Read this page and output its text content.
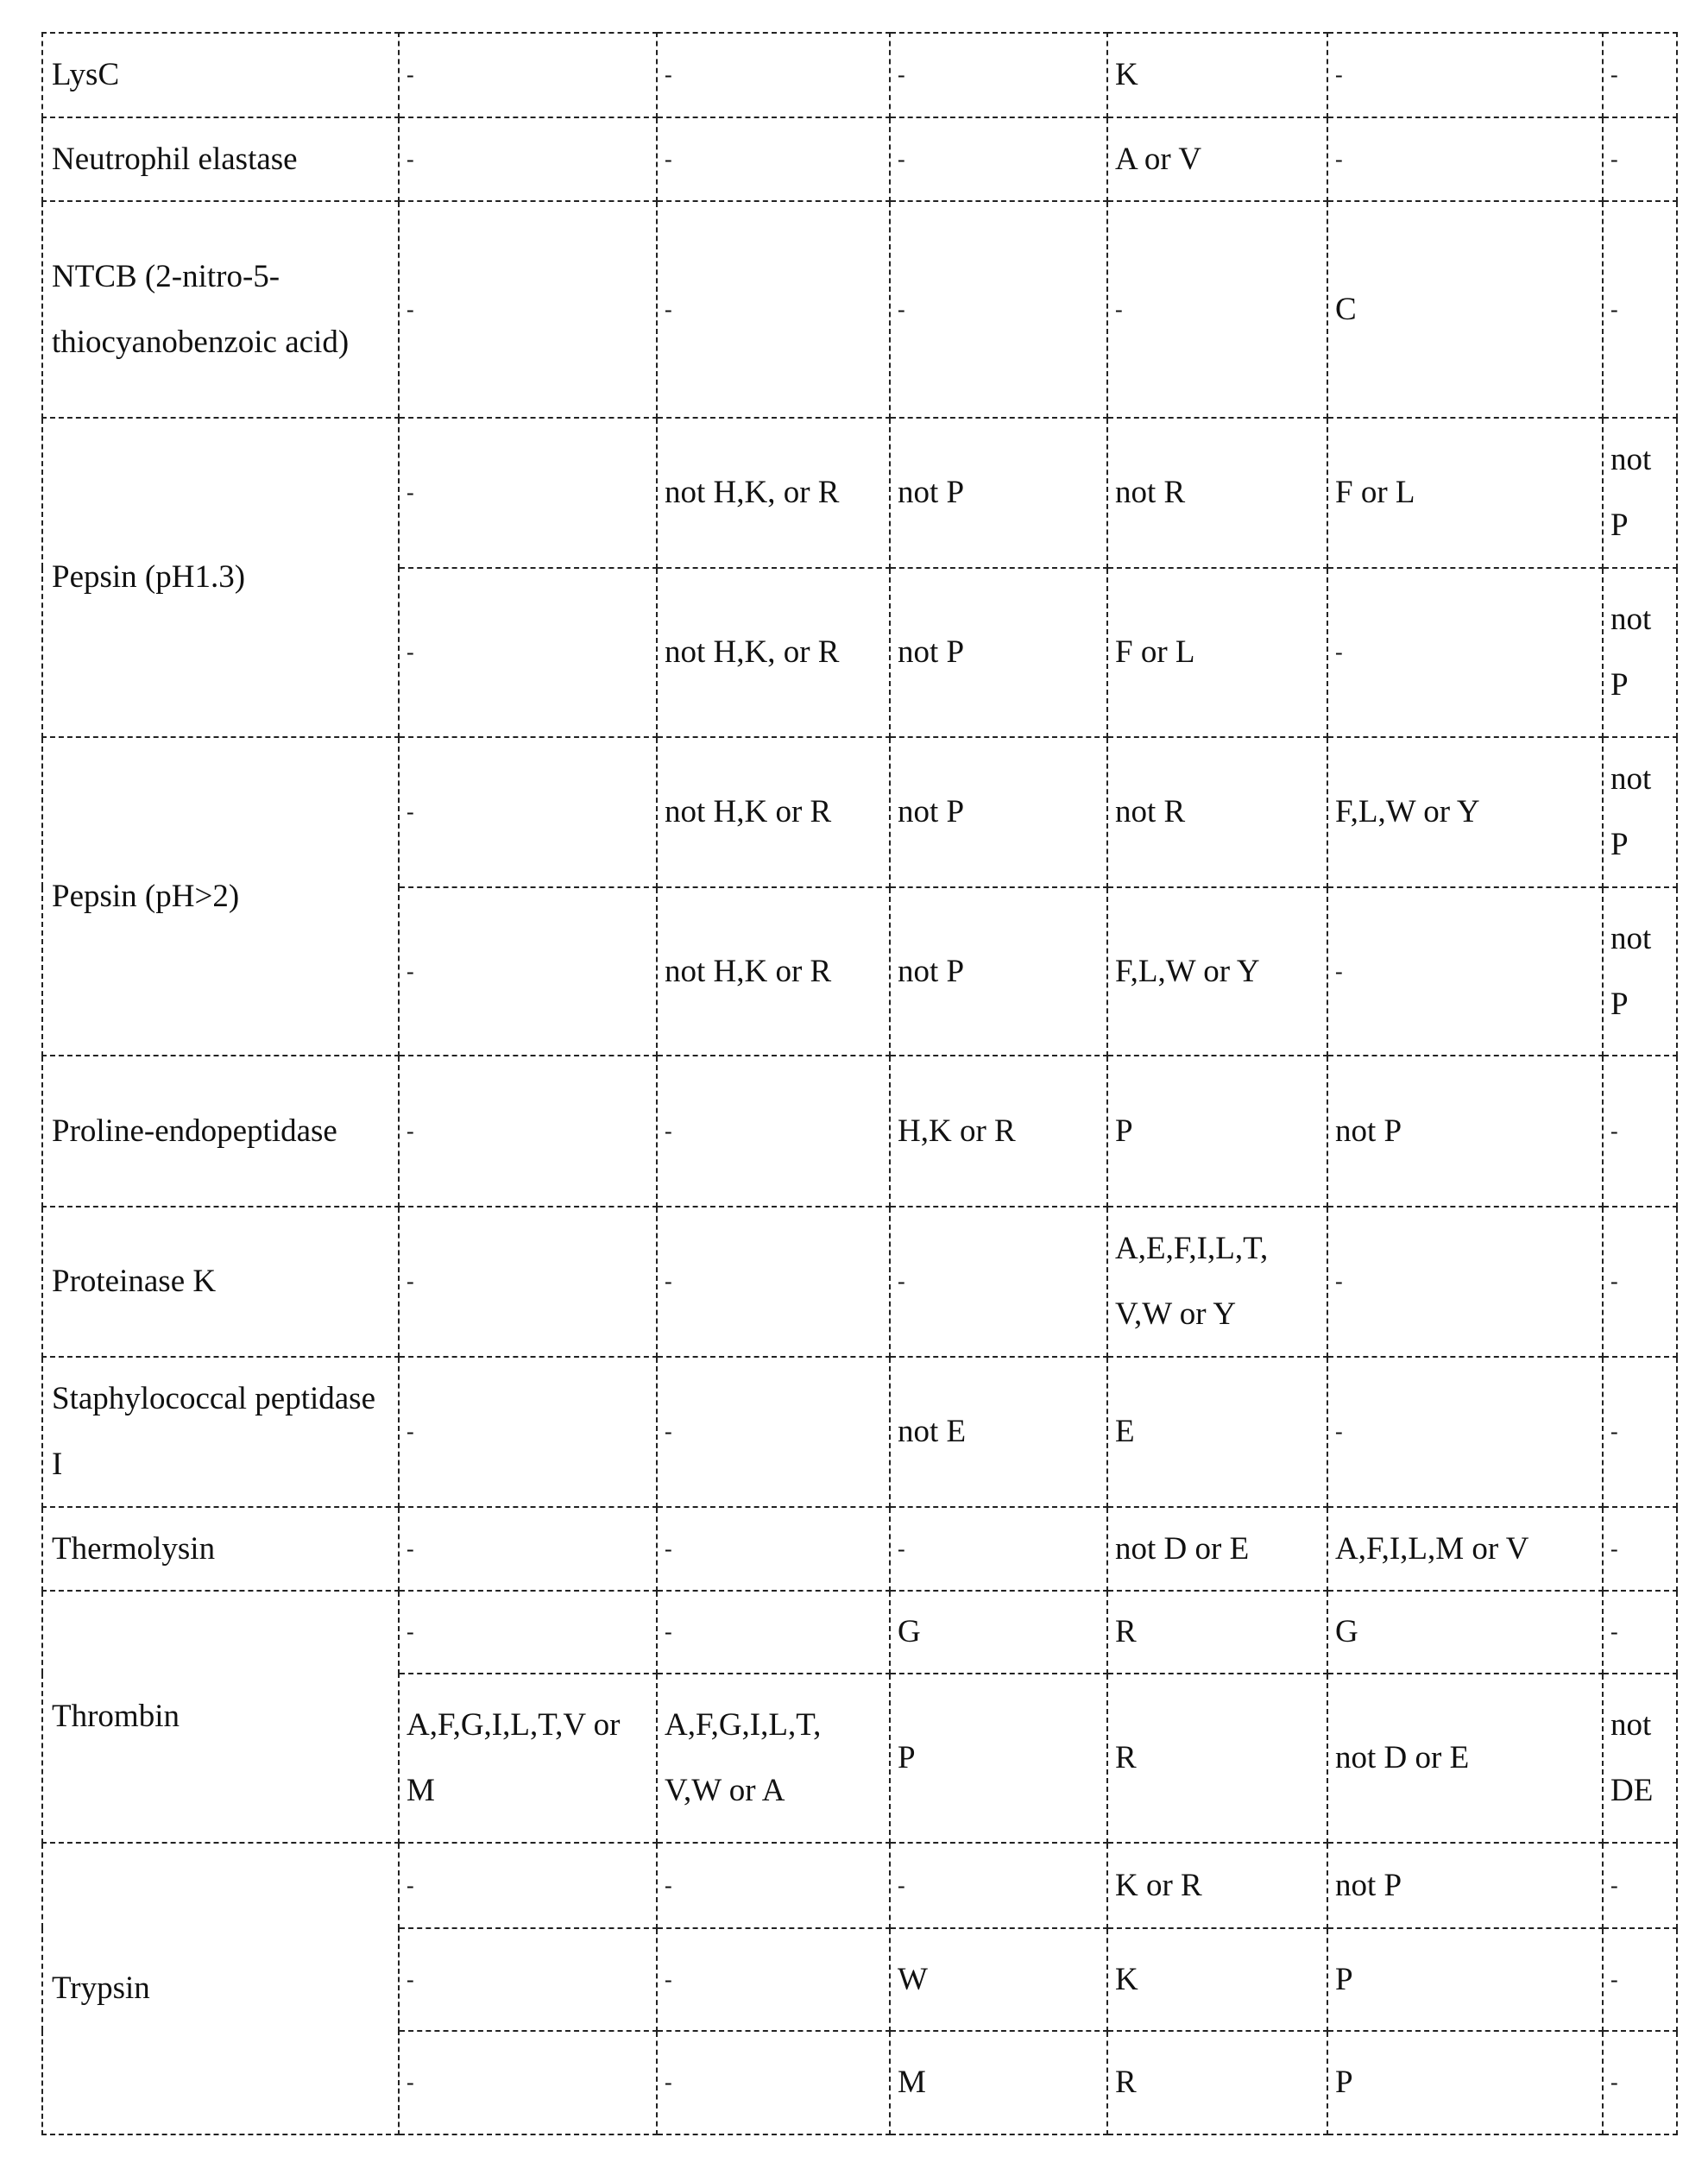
LysC	-	-	-	K	-	-
Neutrophil elastase	-	-	-	A or V	-	-
NTCB (2-nitro-5-thiocyanobenzoic acid)	-	-	-	-	C	-
Pepsin (pH1.3)	-	not H,K, or R	not P	not R	F or L	not P
	-	not H,K, or R	not P	F or L	-	not P
Pepsin (pH>2)	-	not H,K or R	not P	not R	F,L,W or Y	not P
	-	not H,K or R	not P	F,L,W or Y	-	not P
Proline-endopeptidase	-	-	H,K or R	P	not P	-
Proteinase K	-	-	-	A,E,F,I,L,T, V,W or Y	-	-
Staphylococcal peptidase I	-	-	not E	E	-	-
Thermolysin	-	-	-	not D or E	A,F,I,L,M or V	-
Thrombin	-	-	G	R	G	-
	A,F,G,I,L,T,V or M	A,F,G,I,L,T, V,W or A	P	R	not D or E	not DE
Trypsin	-	-	-	K or R	not P	-
	-	-	W	K	P	-
	-	-	M	R	P	-
